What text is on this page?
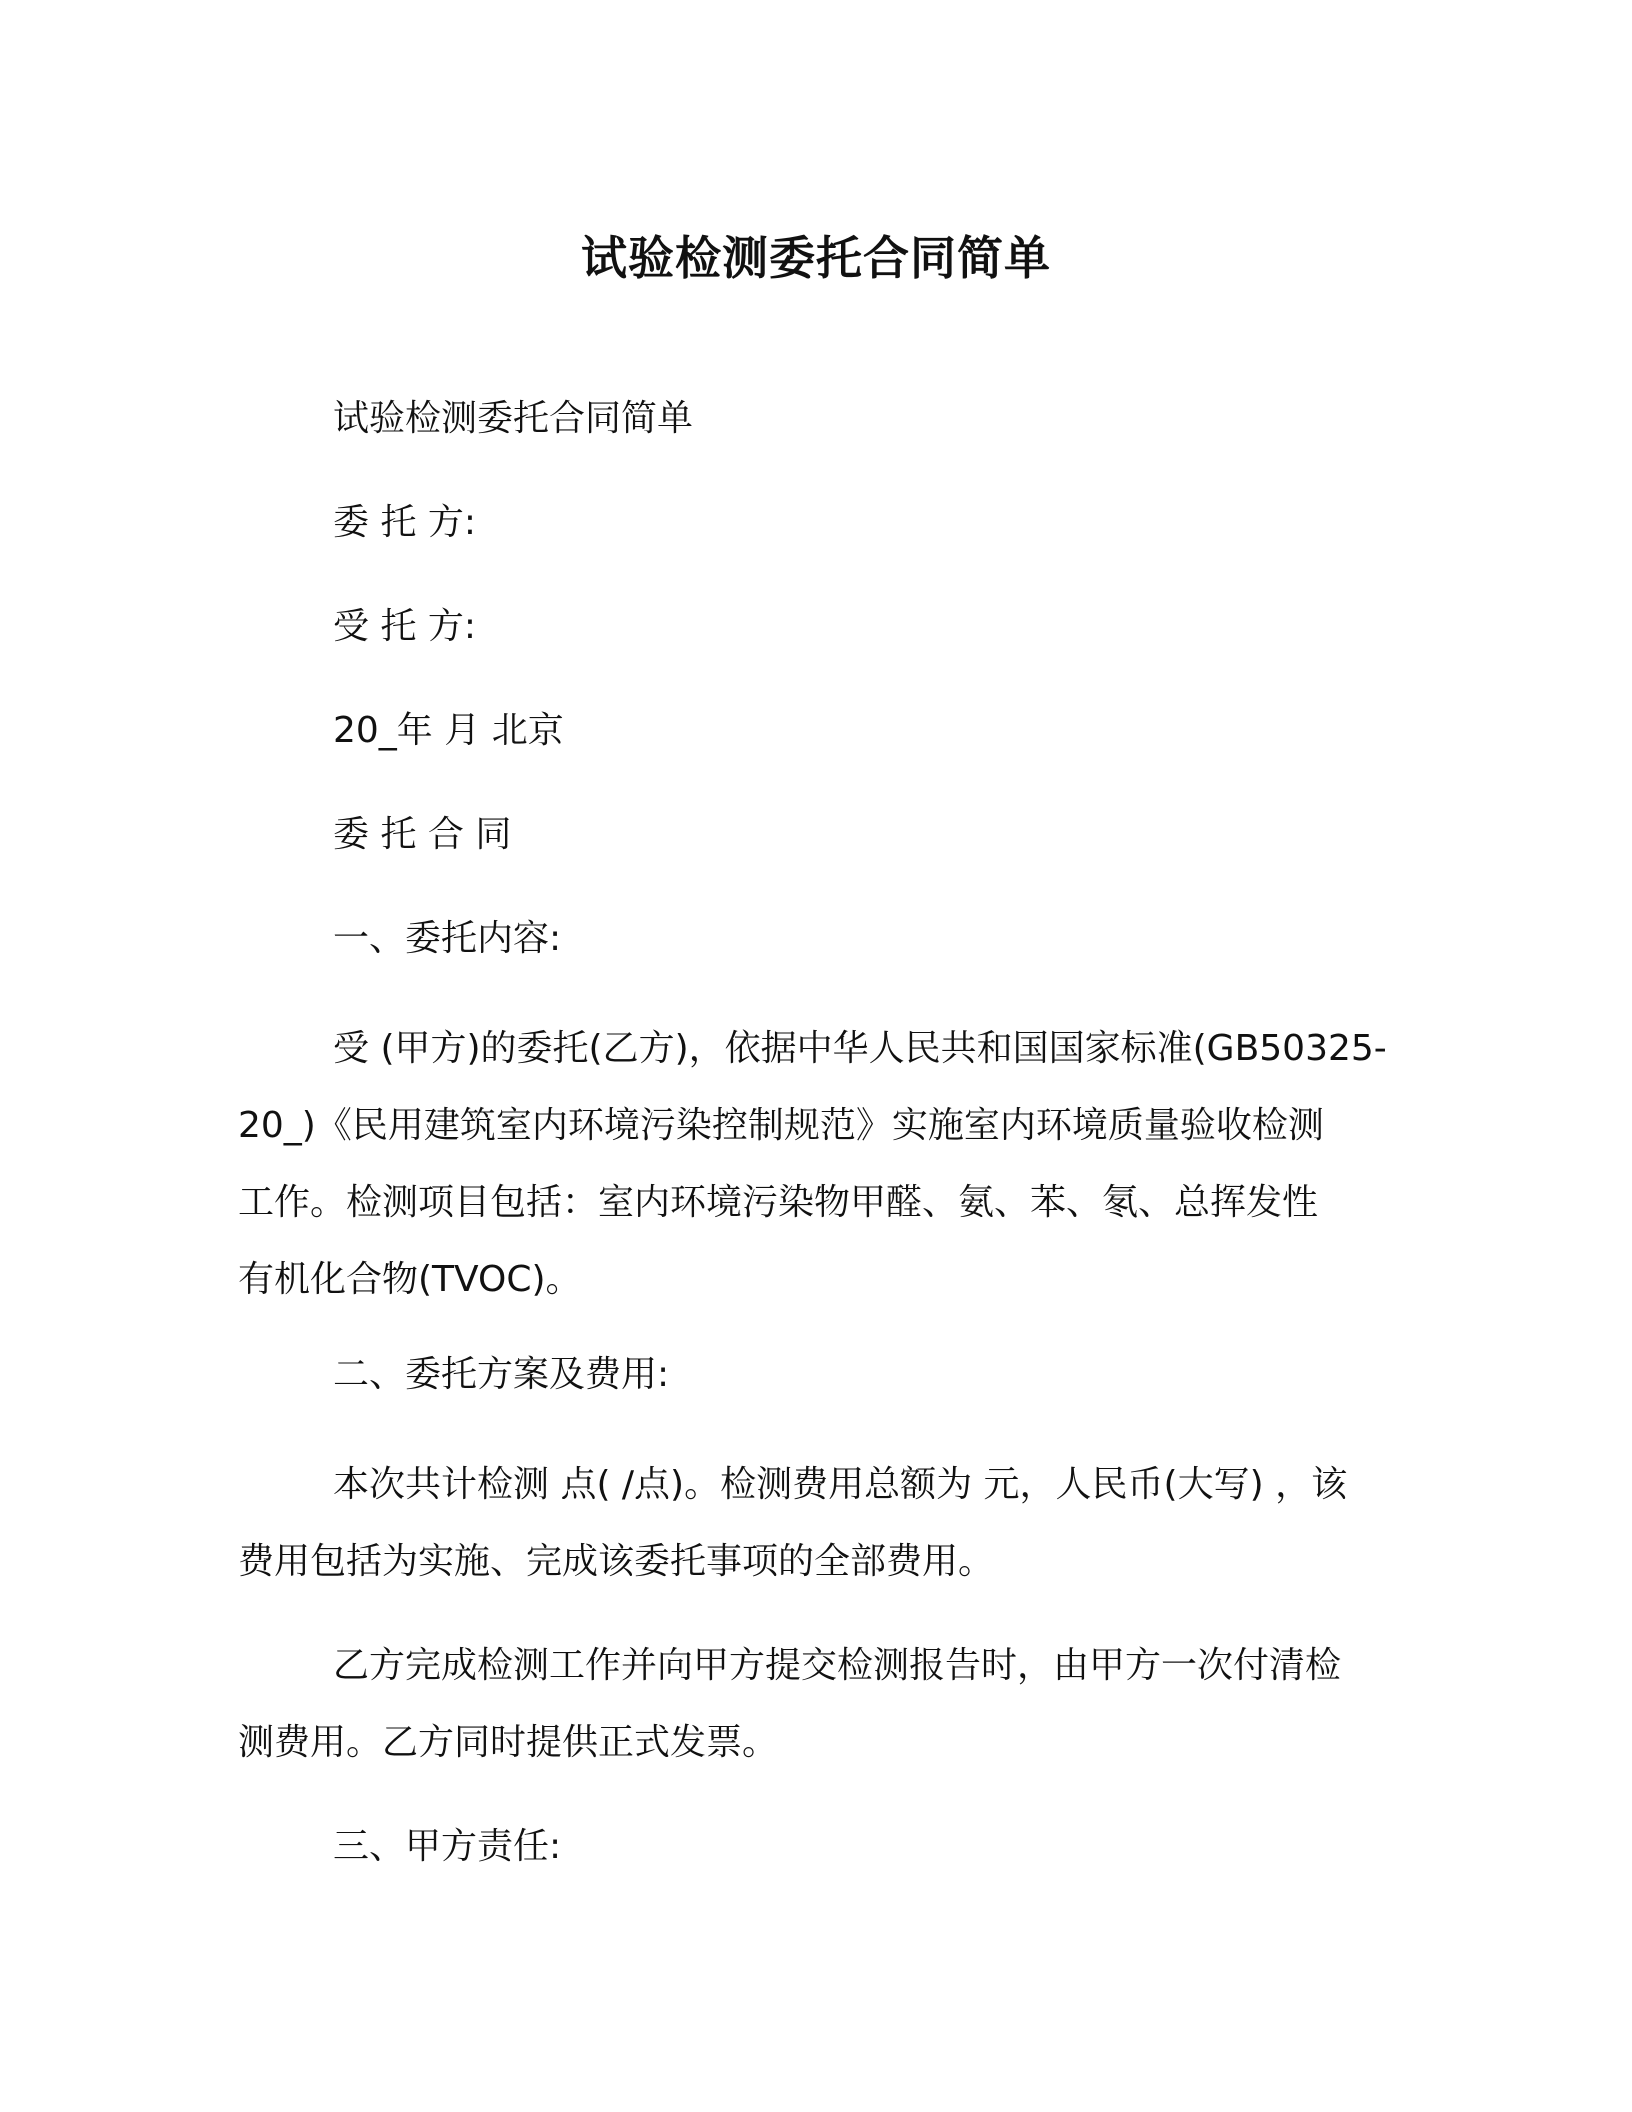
试验检测委托合同简单
试验检测委托合同简单
委 托 方:
受 托 方:
20_年 月 北京
委 托 合 同
一、委托内容:
受 (甲方)的委托(乙方)，依据中华人民共和国国家标准(GB50325-
20_)《民用建筑室内环境污染控制规范》实施室内环境质量验收检测
工作。检测项目包括：室内环境污染物甲醛、氨、苯、氡、总挥发性
有机化合物(TVOC)。
二、委托方案及费用:
本次共计检测 点( /点)。检测费用总额为 元，人民币(大写) ，该
费用包括为实施、完成该委托事项的全部费用。
乙方完成检测工作并向甲方提交检测报告时，由甲方一次付清检
测费用。乙方同时提供正式发票。
三、甲方责任:
